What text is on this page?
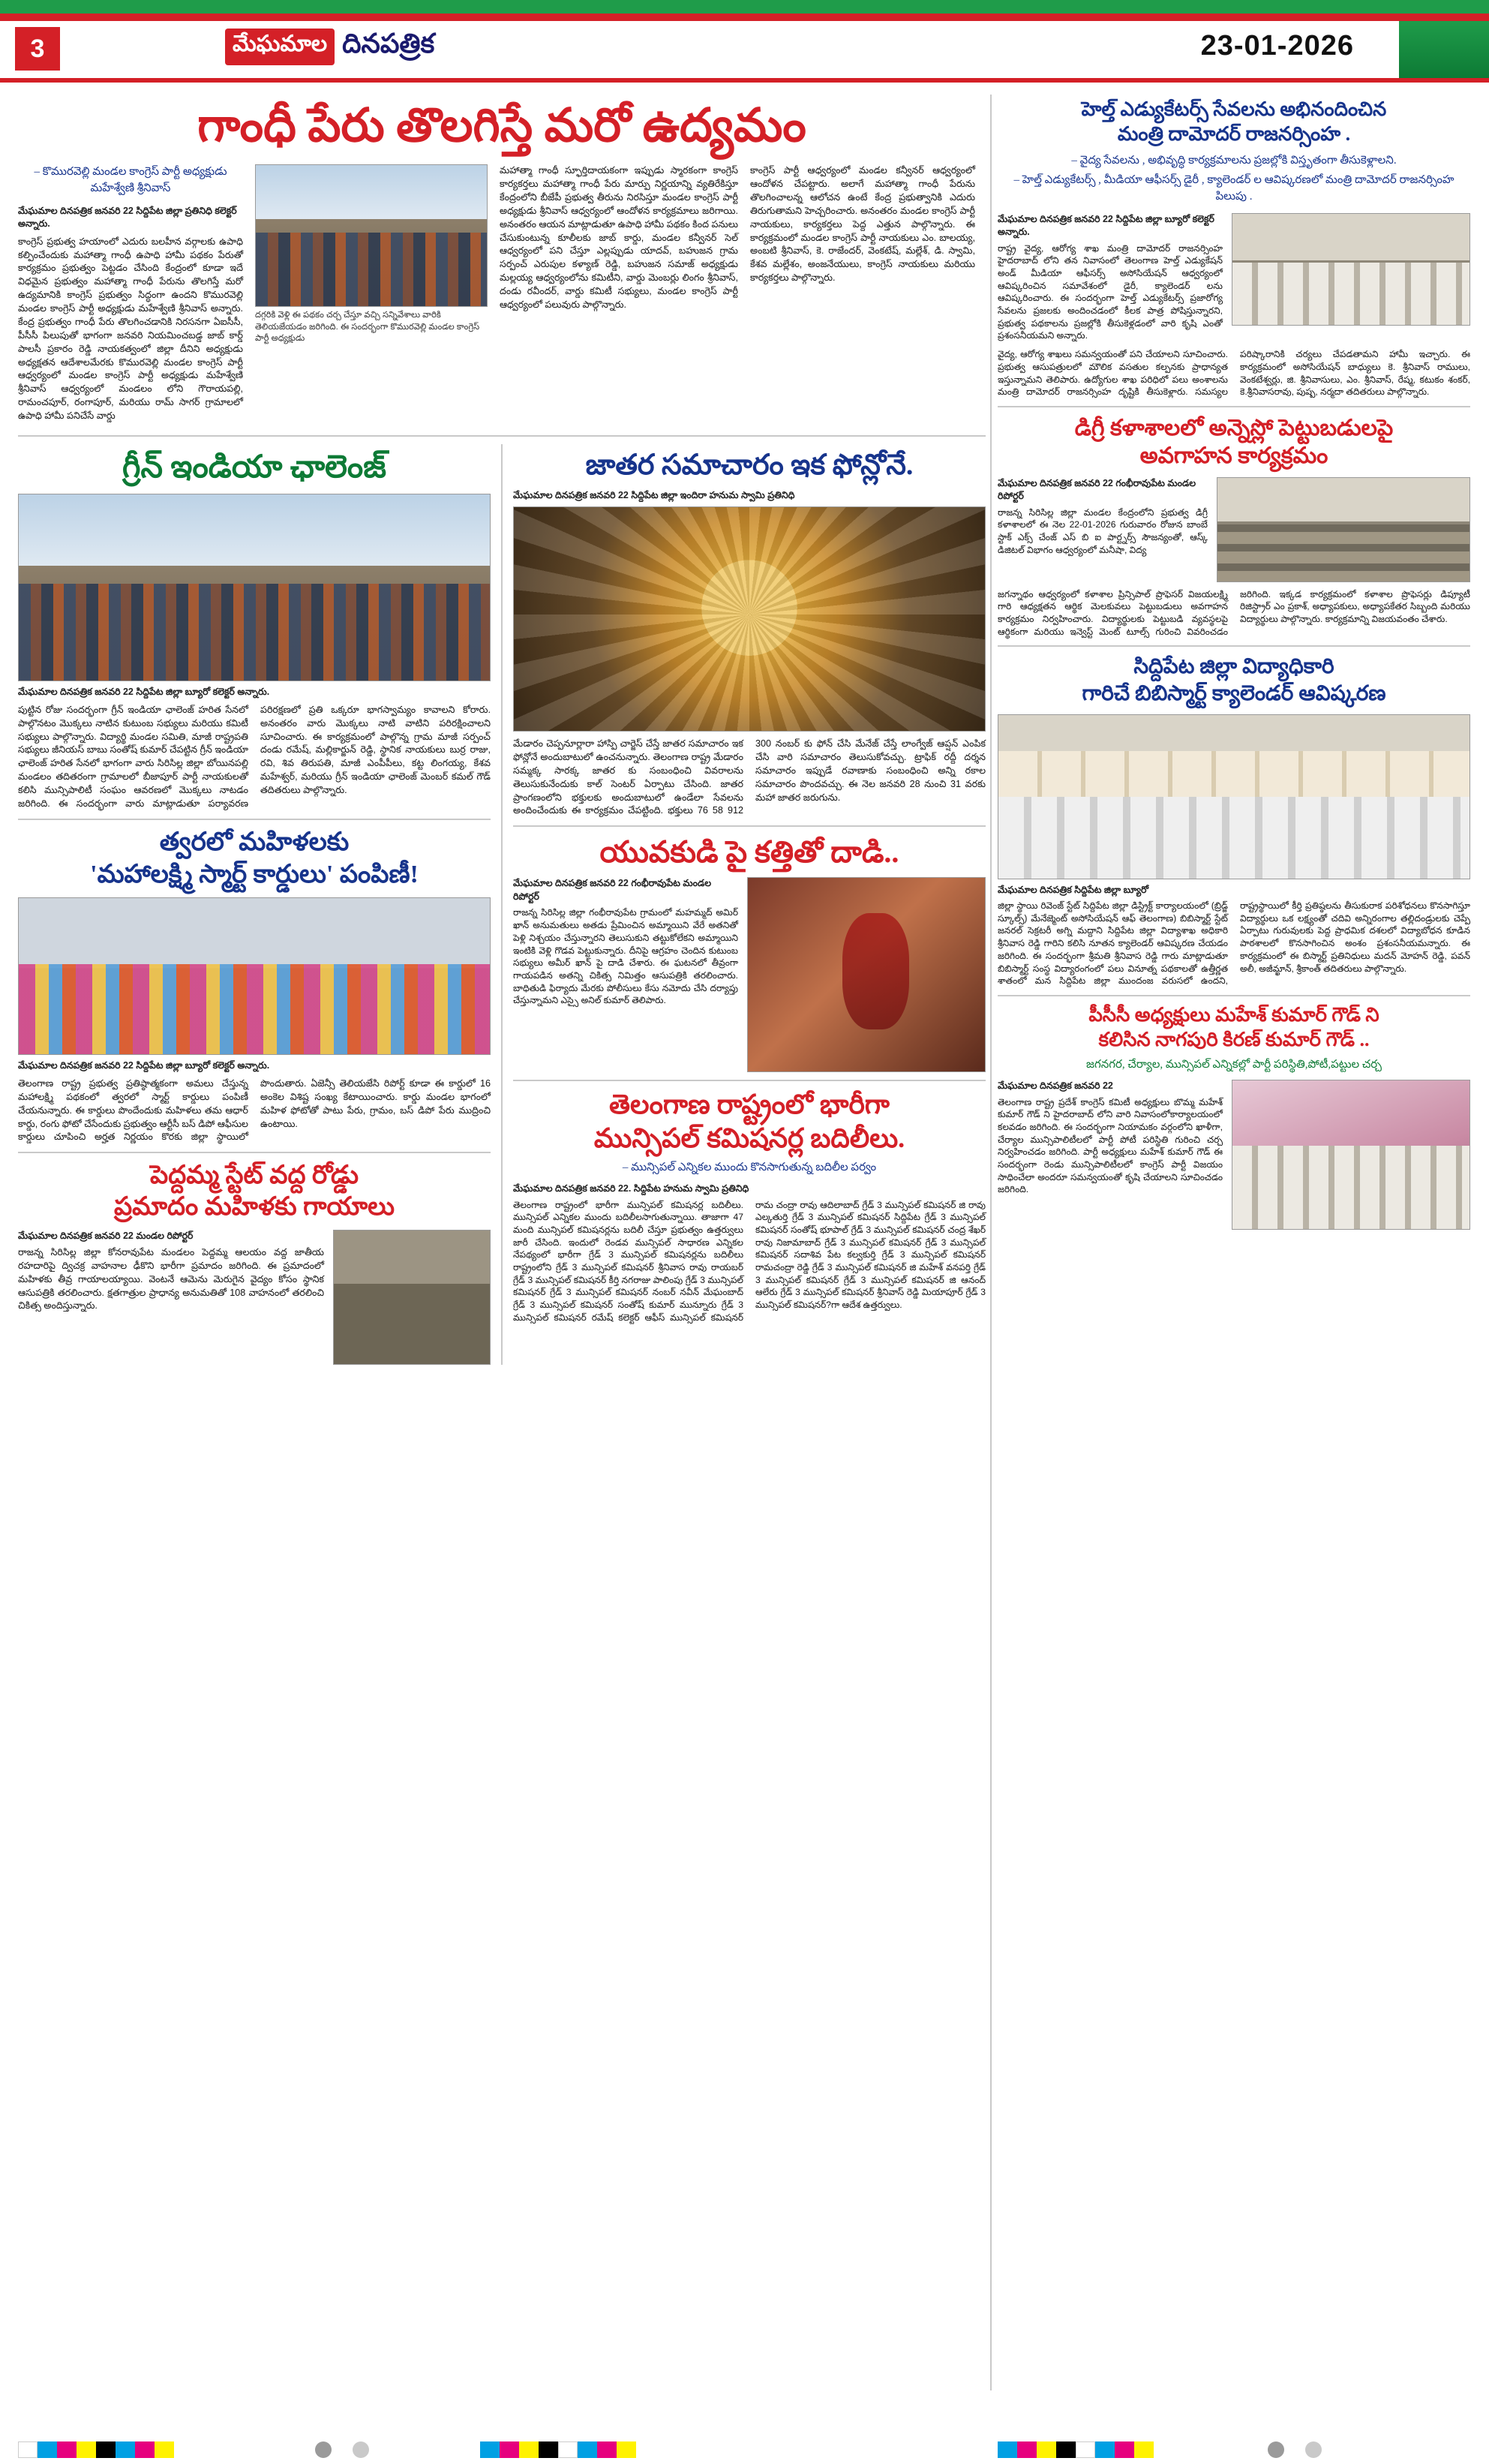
3	మేఘమాల దినపత్రిక	23-01-2026
గాంధీ పేరు తొలగిస్తే మరో ఉద్యమం
– కొమురవెల్లి మండల కాంగ్రెస్ పార్టీ అధ్యక్షుడు మహేశ్వేణి శ్రీనివాస్
మేఘమాల దినపత్రిక జనవరి 22 సిద్దిపేట జిల్లా ప్రతినిధి కలెక్టర్ అన్నారు.
కాంగ్రెస్ ప్రభుత్వ హయాంలో ఎదురు బలహీన వర్గాలకు ఉపాధి కల్పించేందుకు మహాత్మా గాంధీ ఉపాధి హామీ పథకం పేరుతో కార్యక్రమం ప్రభుత్వం పెట్టడం చేసింది కేంద్రంలో కూడా ఇదే విధమైన ప్రభుత్వం మహాత్మా గాంధీ పేరును తొలగిస్తే మరో ఉద్యమానికి కాంగ్రెస్ ప్రభుత్వం సిద్ధంగా ఉందని కొమురవెల్లి మండల కాంగ్రెస్ పార్టీ అధ్యక్షుడు మహేశ్వేణి శ్రీనివాస్ అన్నారు. కేంద్ర ప్రభుత్వం గాంధీ పేరు తొలగించడానికి నిరసనగా ఏఐసీసీ, పీసీసీ పిలుపుతో భాగంగా జనవరి నియమించబడ్డ జాబ్ కార్డ్ పాలసీ ప్రకారం రెడ్డి నాయకత్వంలో జిల్లా దీనిని అధ్యక్షుడు అధ్యక్షతన ఆదేశాలమేరకు కొమురవెల్లి మండల కాంగ్రెస్ పార్టీ ఆధ్వర్యంలో మండల కాంగ్రెస్ పార్టీ అధ్యక్షుడు మహేశ్వేణి శ్రీనివాస్ ఆధ్వర్యంలో మండలం లోని గౌరాయపల్లి, రామంచపూర్, రంగాపూర్, మరియు రామ్ సాగర్ గ్రామాలలో ఉపాధి హామీ పనిచేసే వార్డు
దగ్గరికి వెళ్లి ఈ పథకం చర్చ చేస్తూ వచ్చి సన్నివేశాలు వారికి తెలియజేయడం జరిగింది. ఈ సందర్భంగా కొమురవెల్లి మండల కాంగ్రెస్ పార్టీ అధ్యక్షుడు
మహాత్మా గాంధీ స్ఫూర్తిదాయకంగా ఇప్పుడు స్మారకంగా కాంగ్రెస్ కార్యకర్తలు మహాత్మా గాంధీ పేరు మార్పు నిర్ణయాన్ని వ్యతిరేకిస్తూ కేంద్రంలోని బీజేపీ ప్రభుత్వ తీరును నిరసిస్తూ మండల కాంగ్రెస్ పార్టీ అధ్యక్షుడు శ్రీనివాస్ ఆధ్వర్యంలో ఆందోళన కార్యక్రమాలు జరిగాయి. అనంతరం ఆయన మాట్లాడుతూ ఉపాధి హామీ పథకం కింద పనులు చేసుకుంటున్న కూలీలకు జాబ్ కార్డు, మండల కన్వీనర్ సెల్ ఆధ్వర్యంలో పని చేస్తూ ఎల్లప్పుడు యాదవ్, బహుజన గ్రామ సర్పంచ్ ఎరుపుల కళ్యాణ్ రెడ్డి, బహుజన సమాజ్ అధ్యక్షుడు మల్లయ్య ఆధ్వర్యంలోను కమిటీని, వార్డు మెంబర్లు లింగం శ్రీనివాస్, దండు రవీందర్, వార్డు కమిటీ సభ్యులు, మండల కాంగ్రెస్ పార్టీ ఆధ్వర్యంలో పలువురు పాల్గొన్నారు.
కాంగ్రెస్ పార్టీ ఆధ్వర్యంలో మండల కన్వీనర్ ఆధ్వర్యంలో ఆందోళన చేపట్టారు. అలాగే మహాత్మా గాంధీ పేరును తొలగించాలన్న ఆలోచన ఉంటే కేంద్ర ప్రభుత్వానికి ఎదురు తిరుగుతామని హెచ్చరించారు. అనంతరం మండల కాంగ్రెస్ పార్టీ నాయకులు, కార్యకర్తలు పెద్ద ఎత్తున పాల్గొన్నారు. ఈ కార్యక్రమంలో మండల కాంగ్రెస్ పార్టీ నాయకులు ఎం. బాలయ్య, అంబటి శ్రీనివాస్, కె. రాజేందర్, వెంకటేష్, మల్లేశ్, డి. స్వామి, కేశవ మల్లేశం, అంజనేయులు, కాంగ్రెస్ నాయకులు మరియు కార్యకర్తలు పాల్గొన్నారు.
గ్రీన్ ఇండియా ఛాలెంజ్
మేఘమాల దినపత్రిక జనవరి 22 సిద్దిపేట జిల్లా బ్యూరో కలెక్టర్ అన్నారు.
పుట్టిన రోజు సందర్భంగా గ్రీన్ ఇండియా ఛాలెంజ్ హరిత సేనలో పాల్గొనటం మొక్కలు నాటిన కుటుంబ సభ్యులు మరియు కమిటీ సభ్యులు పాల్గొన్నారు. విద్యార్థి మండల సమితి, మాజీ రాష్ట్రపతి సభ్యులు జీనియస్ బాబు సంతోష్ కుమార్ చేపట్టిన గ్రీన్ ఇండియా ఛాలెంజ్ హరిత సేనలో భాగంగా వారు సిరిసిల్ల జిల్లా బోయినపల్లి మండలం తదితరంగా గ్రామాలలో బీజాపూర్ పార్టీ నాయకులతో కలిసి మున్సిపాలిటీ సంఘం ఆవరణలో మొక్కలు నాటడం జరిగింది. ఈ సందర్భంగా వారు మాట్లాడుతూ పర్యావరణ పరిరక్షణలో ప్రతి ఒక్కరూ భాగస్వామ్యం కావాలని కోరారు. అనంతరం వారు మొక్కలు నాటి వాటిని పరిరక్షించాలని సూచించారు. ఈ కార్యక్రమంలో పాల్గొన్న గ్రామ మాజీ సర్పంచ్ దండు రమేష్, మల్లికార్జున్ రెడ్డి, స్థానిక నాయకులు బుర్ర రాజు, రవి, శివ తిరుపతి, మాజీ ఎంపీపీలు, కట్ట లింగయ్య, కేశవ మహేశ్వర్, మరియు గ్రీన్ ఇండియా ఛాలెంజ్ మెంబర్ కమల్ గౌడ్ తదితరులు పాల్గొన్నారు.
త్వరలో మహిళలకు
'మహాలక్ష్మి స్మార్ట్ కార్డులు' పంపిణీ!
మేఘమాల దినపత్రిక జనవరి 22 సిద్దిపేట జిల్లా బ్యూరో కలెక్టర్ అన్నారు.
తెలంగాణ రాష్ట్ర ప్రభుత్వ ప్రతిష్ఠాత్మకంగా అమలు చేస్తున్న మహాలక్ష్మి పథకంలో త్వరలో స్మార్ట్ కార్డులు పంపిణీ చేయనున్నారు. ఈ కార్డులు పొందేందుకు మహిళలు తమ ఆధార్ కార్డు, రంగు ఫోటో చేసేందుకు ప్రభుత్వం ఆర్టీసీ బస్ డిపో ఆఫీసుల కార్డులు చూపించి అర్హత నిర్ణయం కొరకు జిల్లా స్థాయిలో పొందుతారు. ఏజెన్సీ తెలియజేసి రిపోర్ట్ కూడా ఈ కార్డులో 16 అంకెల విశిష్ట సంఖ్య కేటాయించారు. కార్డు మండల భాగంలో మహిళ ఫోటోతో పాటు పేరు, గ్రామం, బస్ డిపో పేరు ముద్రించి ఉంటాయి.
పెద్దమ్మ స్టేట్ వద్ద రోడ్డు
ప్రమాదం మహిళకు గాయాలు
మేఘమాల దినపత్రిక జనవరి 22 మండల రిపోర్టర్
రాజన్న సిరిసిల్ల జిల్లా కోనరావుపేట మండలం పెద్దమ్మ ఆలయం వద్ద జాతీయ రహదారిపై ద్విచక్ర వాహనాల ఢీకొని భారీగా ప్రమాదం జరిగింది. ఈ ప్రమాదంలో మహిళకు తీవ్ర గాయాలయ్యాయి. వెంటనే ఆమెను మెరుగైన వైద్యం కోసం స్థానిక ఆసుపత్రికి తరలించారు. క్షతగాత్రుల ప్రాధాన్య అనుమతితో 108 వాహనంలో తరలించి చికిత్స అందిస్తున్నారు.
జాతర సమాచారం ఇక ఫోన్లోనే.
మేఘమాల దినపత్రిక జనవరి 22 సిద్దిపేట జిల్లా ఇందిరా హనుమ స్వామి ప్రతినిధి
మేడారం చెప్పనూర్లారా హాస్పి చార్జెస్ చేస్తే జాతర సమాచారం ఇక ఫోన్లోనే అందుబాటులో ఉంచనున్నారు. తెలంగాణ రాష్ట్ర మేడారం సమ్మక్క సారక్క జాతర కు సంబంధించి వివరాలను తెలుసుకునేందుకు కాల్ సెంటర్ ఏర్పాటు చేసింది. జాతర ప్రాంగణంలోని భక్తులకు అందుబాటులో ఉండేలా సేవలను అందించేందుకు ఈ కార్యక్రమం చేపట్టింది. భక్తులు 76 58 912 300 నంబర్ కు ఫోన్ చేసి మేనేజ్ చేస్తే లాంగ్వేజ్ ఆప్షన్ ఎంపిక చేసి వారి సమాచారం తెలుసుకోవచ్చు. ట్రాఫిక్ రద్దీ దర్శన సమాచారం ఇప్పుడే రవాణాకు సంబంధించి అన్ని రకాల సమాచారం పొందవచ్చు. ఈ నెల జనవరి 28 నుంచి 31 వరకు మహా జాతర జరుగును.
యువకుడి పై కత్తితో దాడి..
మేఘమాల దినపత్రిక జనవరి 22 గంభీరావుపేట మండల రిపోర్టర్
రాజన్న సిరిసిల్ల జిల్లా గంభీరావుపేట గ్రామంలో మహమ్మద్ అమిర్ ఖాన్ అనుమతులు అతడు ప్రేమించిన అమ్మాయిని వేరే అతనితో పెళ్లి నిశ్చయం చేస్తున్నారని తెలుసుకుని తట్టుకోలేకని అమ్మాయిని ఇంటికి వెళ్లి గొడవ పెట్టుకున్నారు. దీనిపై ఆగ్రహం చెందిన కుటుంబ సభ్యులు అమీర్ ఖాన్ పై దాడి చేశారు. ఈ ఘటనలో తీవ్రంగా గాయపడిన అతన్ని చికిత్స నిమిత్తం ఆసుపత్రికి తరలించారు. బాధితుడి ఫిర్యాదు మేరకు పోలీసులు కేసు నమోదు చేసి దర్యాప్తు చేస్తున్నామని ఎస్సై అనిల్ కుమార్ తెలిపారు.
తెలంగాణ రాష్ట్రంలో భారీగా
మున్సిపల్ కమిషనర్ల బదిలీలు.
– మున్సిపల్ ఎన్నికల ముందు కొనసాగుతున్న బదిలీల పర్వం
మేఘమాల దినపత్రిక జనవరి 22. సిద్దిపేట హనుమ స్వామి ప్రతినిధి
తెలంగాణ రాష్ట్రంలో భారీగా మున్సిపల్ కమిషనర్ల బదిలీలు. మున్సిపల్ ఎన్నికల ముందు బదిలీలసాగుతున్నాయి. తాజాగా 47 మంది మున్సిపల్ కమిషనర్లను బదిలీ చేస్తూ ప్రభుత్వం ఉత్తర్వులు జారీ చేసింది. ఇందులో రెండవ మున్సిపల్ సాధారణ ఎన్నికల నేపథ్యంలో భారీగా గ్రేడ్ 3 మున్సిపల్ కమిషనర్లను బదిలీలు రాష్ట్రంలోని గ్రేడ్ 3 మున్సిపల్ కమిషనర్ శ్రీనివాస రావు రాయబర్ గ్రేడ్ 3 మున్సిపల్ కమిషనర్ కీర్తి నగరాజు పాలింపు గ్రేడ్ 3 మున్సిపల్ కమిషనర్ గ్రేడ్ 3 మున్సిపల్ కమిషనర్ నంబర్ నవీన్ మేఘంబాద్ గ్రేడ్ 3 మున్సిపల్ కమిషనర్ సంతోష్ కుమార్ మున్నూరు గ్రేడ్ 3 మున్సిపల్ కమిషనర్ రమేష్ కలెక్టర్ ఆఫీస్ మున్సిపల్ కమిషనర్ రామ చంద్రా రావు ఆదిలాబాద్ గ్రేడ్ 3 మున్సిపల్ కమిషనర్ జి రావు ఎల్కతుర్తి గ్రేడ్ 3 మున్సిపల్ కమిషనర్ సిద్దిపేట గ్రేడ్ 3 మున్సిపల్ కమిషనర్ సంతోష్ భూపాల్ గ్రేడ్ 3 మున్సిపల్ కమిషనర్ చంద్ర శేఖర్ రావు నిజామాబాద్ గ్రేడ్ 3 మున్సిపల్ కమిషనర్ గ్రేడ్ 3 మున్సిపల్ కమిషనర్ సదాశివ పేట కల్వకుర్తి గ్రేడ్ 3 మున్సిపల్ కమిషనర్ రామచంద్రా రెడ్డి గ్రేడ్ 3 మున్సిపల్ కమిషనర్ జి మహేశ్ వనపర్తి గ్రేడ్ 3 మున్సిపల్ కమిషనర్ గ్రేడ్ 3 మున్సిపల్ కమిషనర్ జి ఆనంద్ ఆలేరు గ్రేడ్ 3 మున్సిపల్ కమిషనర్ శ్రీనివాస్ రెడ్డి మియాపూర్ గ్రేడ్ 3 మున్సిపల్ కమిషనర్?గా ఆదేశ ఉత్తర్వులు.
హెల్త్ ఎడ్యుకేటర్స్ సేవలను అభినందించిన
మంత్రి దామోదర్ రాజనర్సింహ .
– వైద్య సేవలను , అభివృద్ధి కార్యక్రమాలను ప్రజల్లోకి విస్తృతంగా తీసుకెళ్లాలని.
– హెల్త్ ఎడ్యుకేటర్స్ , మీడియా ఆఫీసర్స్ డైరీ , క్యాలెండర్ ల ఆవిష్కరణలో మంత్రి దామోదర్ రాజనర్సింహ పిలుపు .
మేఘమాల దినపత్రిక జనవరి 22 సిద్దిపేట జిల్లా బ్యూరో కలెక్టర్ అన్నారు.
రాష్ట్ర వైద్య, ఆరోగ్య శాఖ మంత్రి దామోదర్ రాజనర్సింహ హైదరాబాద్ లోని తన నివాసంలో తెలంగాణ హెల్త్ ఎడ్యుకేషన్ అండ్ మీడియా ఆఫీసర్స్ అసోసియేషన్ ఆధ్వర్యంలో ఆవిష్కరించిన సమావేశంలో డైరీ, క్యాలెండర్ లను ఆవిష్కరించారు. ఈ సందర్భంగా హెల్త్ ఎడ్యుకేటర్స్ ప్రజారోగ్య సేవలను ప్రజలకు అందించడంలో కీలక పాత్ర పోషిస్తున్నారని, ప్రభుత్వ పథకాలను ప్రజల్లోకి తీసుకెళ్లడంలో వారి కృషి ఎంతో ప్రశంసనీయమని అన్నారు.
వైద్య, ఆరోగ్య శాఖలు సమన్వయంతో పని చేయాలని సూచించారు. ప్రభుత్వ ఆసుపత్రులలో మౌలిక వసతుల కల్పనకు ప్రాధాన్యత ఇస్తున్నామని తెలిపారు. ఉద్యోగుల శాఖ పరిధిలో పలు అంశాలను మంత్రి దామోదర్ రాజనర్సింహ దృష్టికి తీసుకెళ్లారు. సమస్యల పరిష్కారానికి చర్యలు చేపడతామని హామీ ఇచ్చారు. ఈ కార్యక్రమంలో అసోసియేషన్ బాధ్యులు కె. శ్రీనివాస్ రాములు, వెంకటేశ్వర్లు, జి. శ్రీనివాసులు, ఎం. శ్రీనివాస్, రేష్మ, కటుకం శంకర్, కె.శ్రీనివాసరావు, పుష్ప, నర్మదా తదితరులు పాల్గొన్నారు.
డిగ్రీ కళాశాలలో అన్నెస్లో పెట్టుబడులపై
అవగాహన కార్యక్రమం
మేఘమాల దినపత్రిక జనవరి 22 గంభీరావుపేట మండల రిపోర్టర్
రాజన్న సిరిసిల్ల జిల్లా మండల కేంద్రంలోని ప్రభుత్వ డిగ్రీ కళాశాలలో ఈ నెల 22-01-2026 గురువారం రోజున బాంబే స్టాక్ ఎక్స్ చేంజ్ ఎస్ బి ఐ పార్ట్నర్స్ సౌజన్యంతో, ఆస్క్ డిజిటల్ విభాగం ఆధ్వర్యంలో మనీషా, విద్య
జగన్నాథం ఆధ్వర్యంలో కళాశాల ప్రిన్సిపాల్ ప్రొఫెసర్ విజయలక్ష్మి గారి ఆధ్యక్షతన ఆర్థిక మెలకువలు పెట్టుబడులు అవగాహన కార్యక్రమం నిర్వహించారు. విద్యార్థులకు పెట్టుబడి వ్యవస్థలపై ఆర్థికంగా మరియు ఇన్వెస్ట్ మెంట్ టూల్స్ గురించి వివరించడం జరిగింది. ఇక్కడ కార్యక్రమంలో కళాశాల ప్రొఫెసర్లు డిప్యూటీ రిజిస్ట్రార్ ఎం ప్రకాశ్, అధ్యాపకులు, అధ్యాపకేతర సిబ్బంది మరియు విద్యార్థులు పాల్గొన్నారు. కార్యక్రమాన్ని విజయవంతం చేశారు.
సిద్దిపేట జిల్లా విద్యాధికారి
గారిచే బిబిస్మార్ట్ క్యాలెండర్ ఆవిష్కరణ
మేఘమాల దినపత్రిక సిద్దిపేట జిల్లా బ్యూరో
జిల్లా స్థాయి రివెంజ్ స్టేట్ సిద్దిపేట జిల్లా డిస్ట్రిక్ట్ కార్యాలయంలో (బ్రిడ్జ్ స్కూల్స్) మేనేజ్మెంట్ అసోసియేషన్ ఆఫ్ తెలంగాణ) బిబిస్మార్ట్ స్టేట్ జనరల్ సెక్రటరీ అగ్ని మద్దాని సిద్దిపేట జిల్లా విద్యాశాఖ అధికారి శ్రీనివాస రెడ్డి గారిని కలిసి నూతన క్యాలెండర్ ఆవిష్కరణ చేయడం జరిగింది. ఈ సందర్భంగా శ్రీమతి శ్రీనివాస రెడ్డి గారు మాట్లాడుతూ బిబిస్మార్ట్ సంస్థ విద్యారంగంలో పలు వినూత్న పథకాలతో ఉత్తీర్ణత శాతంలో మన సిద్దిపేట జిల్లా ముందంజ వరుసలో ఉందని, రాష్ట్రస్థాయిలో కీర్తి ప్రతిష్ఠలను తీసుకురాక పరిశోధనలు కొనసాగిస్తూ విద్యార్థులు ఒక లక్ష్యంతో చదివి అన్నిరంగాల తల్లిదండ్రులకు చెప్పే ఏర్పాటు గురువులకు పెద్ద ప్రాధమిక దశలలో విద్యాబోధన కూడిన పాఠశాలలో కొనసాగించిన అంశం ప్రశంసనీయమన్నారు. ఈ కార్యక్రమంలో ఈ బిస్మార్ట్ ప్రతినిధులు మదన్ మోహన్ రెడ్డి, పవన్ అలీ, అజీమ్ఖాన్, శ్రీకాంత్ తదితరులు పాల్గొన్నారు.
పీసీసీ అధ్యక్షులు మహేశ్ కుమార్ గౌడ్ ని
కలిసిన నాగపురి కిరణ్ కుమార్ గౌడ్ ..
జగనగర, చేర్యాల, మున్సిపల్ ఎన్నికల్లో పార్టీ పరిస్థితి,పోటీ,పట్టుల చర్చ
మేఘమాల దినపత్రిక జనవరి 22
తెలంగాణ రాష్ట్ర ప్రదేశ్ కాంగ్రెస్ కమిటీ అధ్యక్షులు బొమ్మ మహేశ్ కుమార్ గౌడ్ ని హైదరాబాద్ లోని వారి నివాసంలోకార్యాలయంలో కలవడం జరిగింది. ఈ సందర్భంగా నియామకం వర్గంలోని ఖాళీగా, చేర్యాల మున్సిపాలిటీలలో పార్టీ పోటీ పరిస్థితి గురించి చర్చ నిర్వహించడం జరిగింది. పార్టీ అధ్యక్షులు మహేశ్ కుమార్ గౌడ్ ఈ సందర్భంగా రెండు మున్సిపాలిటీలలో కాంగ్రెస్ పార్టీ విజయం సాధించేలా అందరూ సమన్వయంతో కృషి చేయాలని సూచించడం జరిగింది.
